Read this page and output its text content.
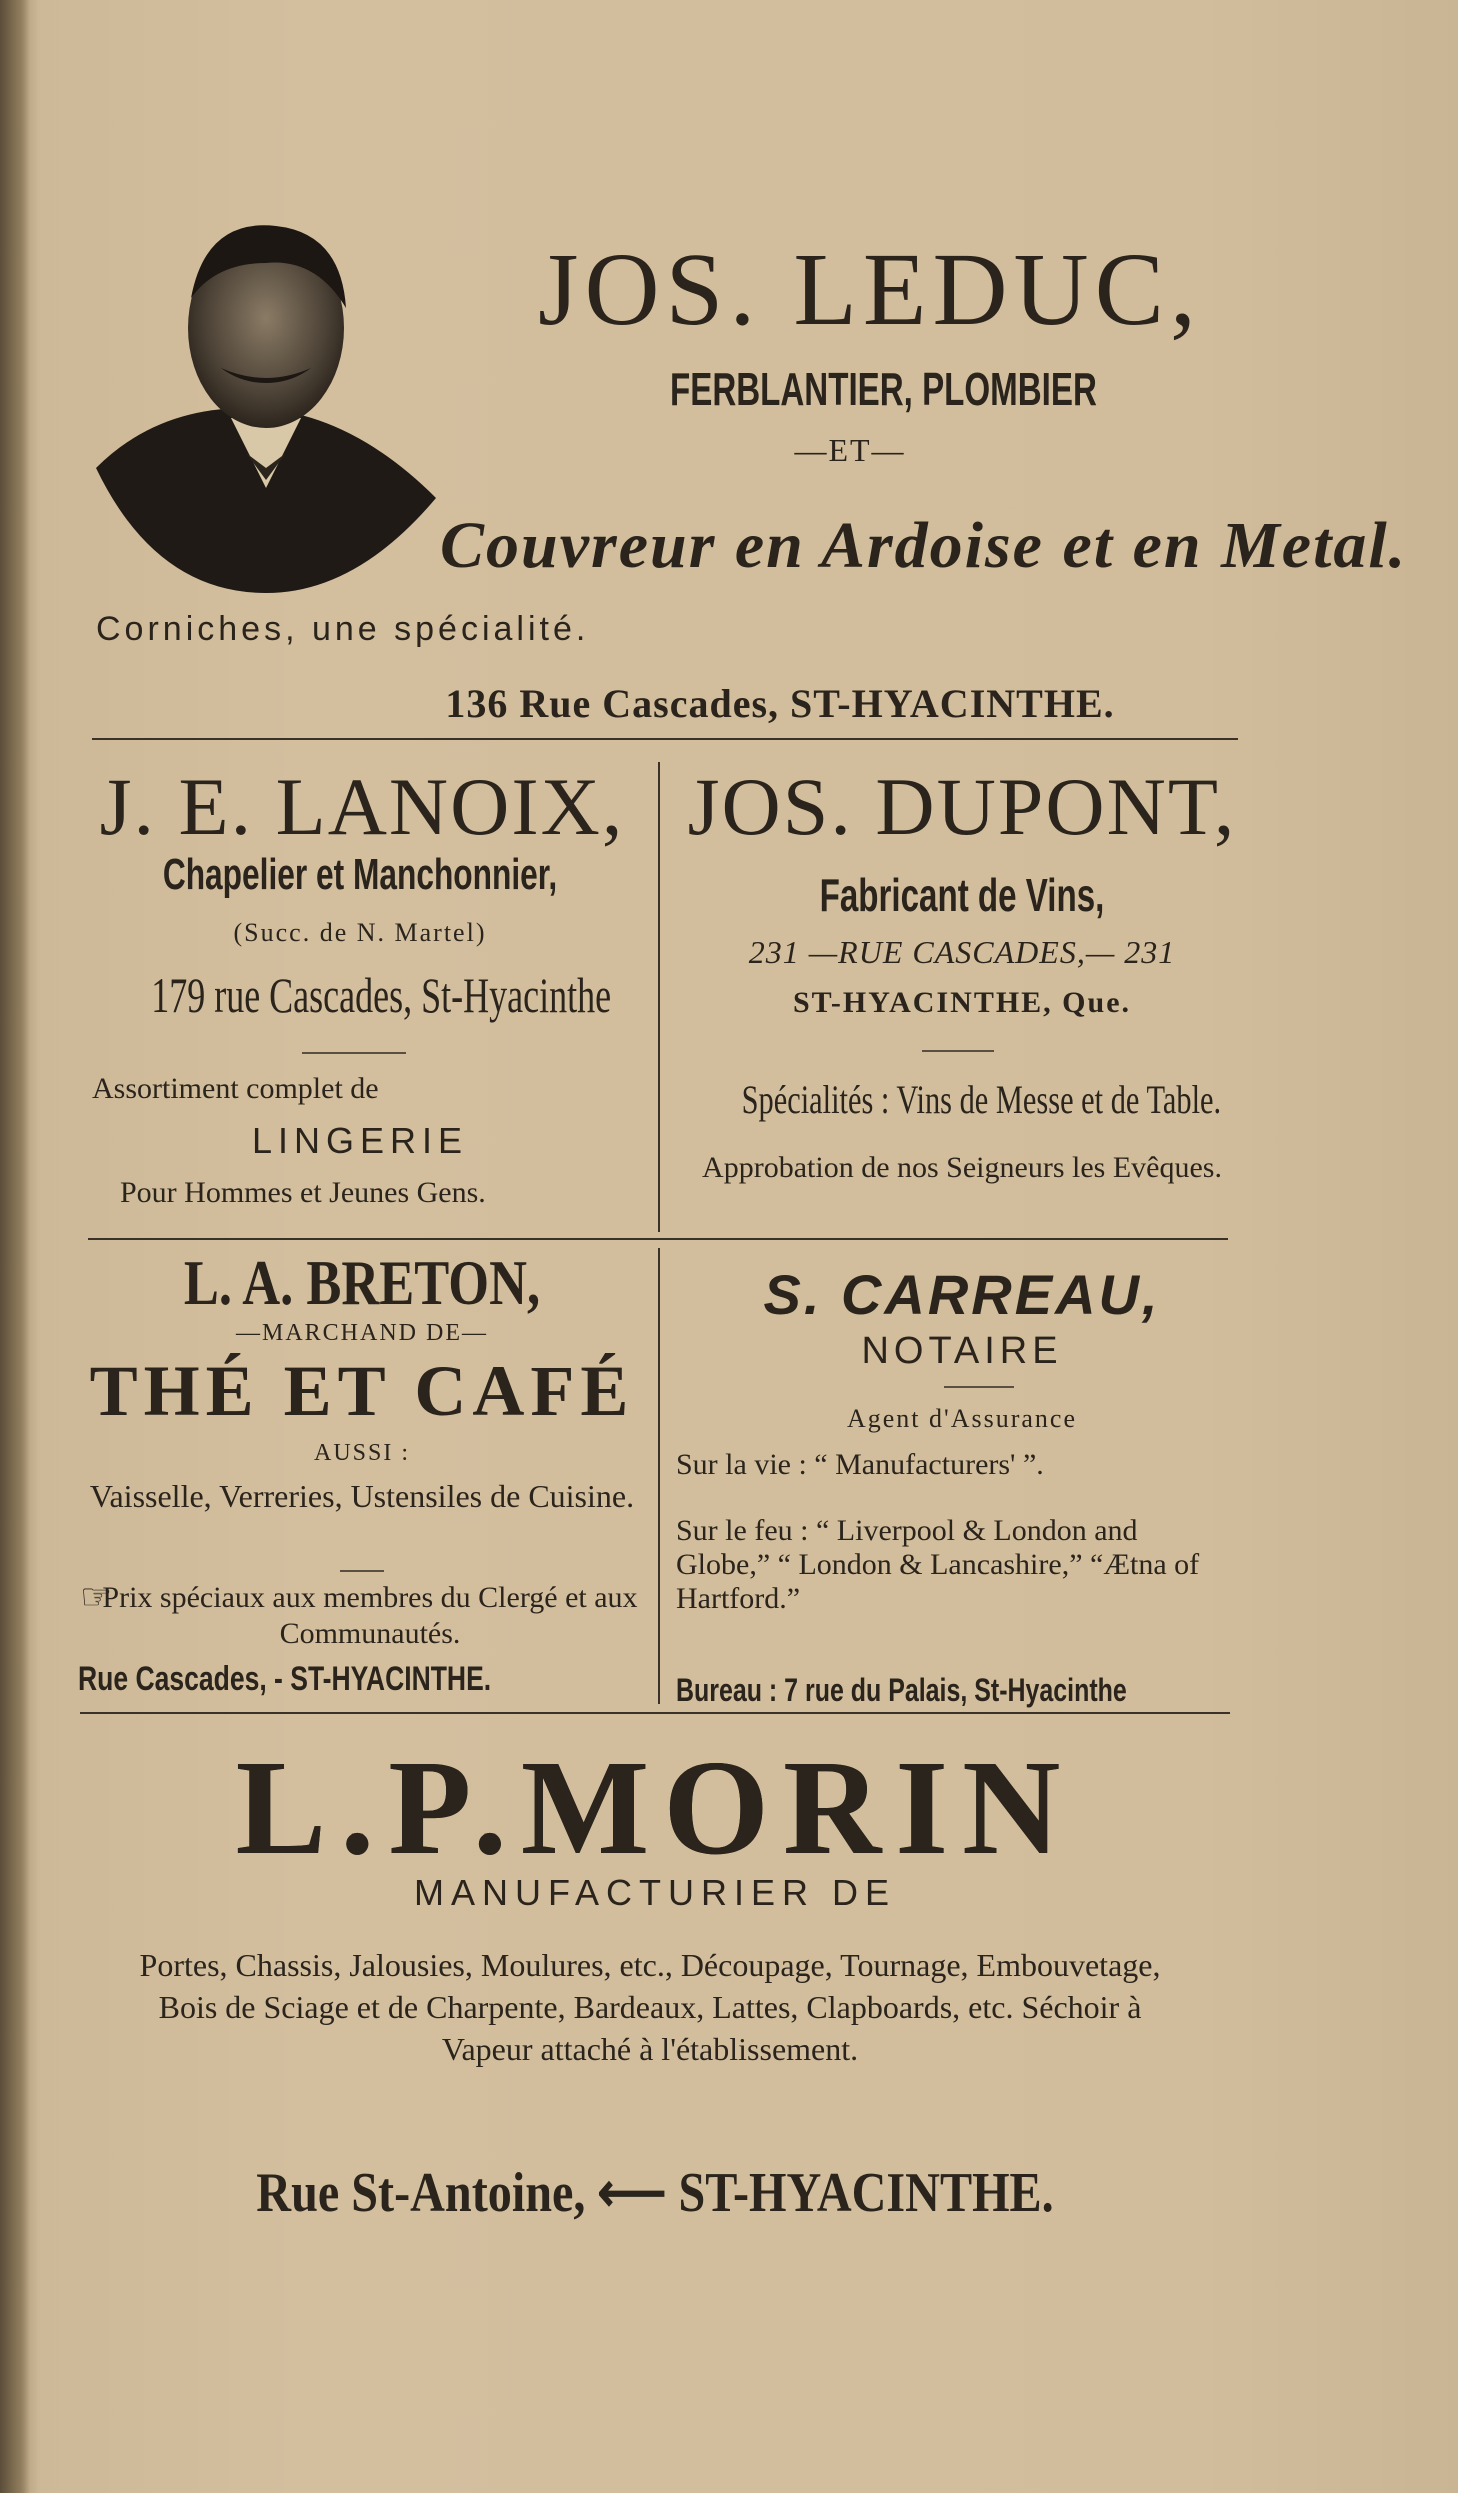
JOS. LEDUC,
FERBLANTIER, PLOMBIER
—ET—
Couvreur en Ardoise et en Metal.
Corniches, une spécialité.
136 Rue Cascades, ST-HYACINTHE.
J. E. LANOIX,
Chapelier et Manchonnier,
(Succ. de N. Martel)
179 rue Cascades, St-Hyacinthe
Assortiment complet de
LINGERIE
Pour Hommes et Jeunes Gens.
JOS. DUPONT,
Fabricant de Vins,
231 —RUE CASCADES,— 231
ST-HYACINTHE, Que.
Spécialités : Vins de Messe et de Table.
Approbation de nos Seigneurs les Evêques.
L. A. BRETON,
—MARCHAND DE—
THÉ ET CAFÉ
AUSSI :
Vaisselle, Verreries, Ustensiles de Cuisine.
☞
Prix spéciaux aux membres du Clergé et aux Communautés.
Rue Cascades, - ST-HYACINTHE.
S. CARREAU,
NOTAIRE
Agent d'Assurance
Sur la vie : “ Manufacturers' ”.
Sur le feu : “ Liverpool & London and Globe,” “ London & Lancashire,” “Ætna of Hartford.”
Bureau : 7 rue du Palais, St-Hyacinthe
L.P.MORIN
MANUFACTURIER DE
Portes, Chassis, Jalousies, Moulures, etc., Découpage, Tournage, Embouvetage, Bois de Sciage et de Charpente, Bardeaux, Lattes, Clapboards, etc. Séchoir à Vapeur attaché à l'établissement.
Rue St-Antoine, ⟵ ST-HYACINTHE.
